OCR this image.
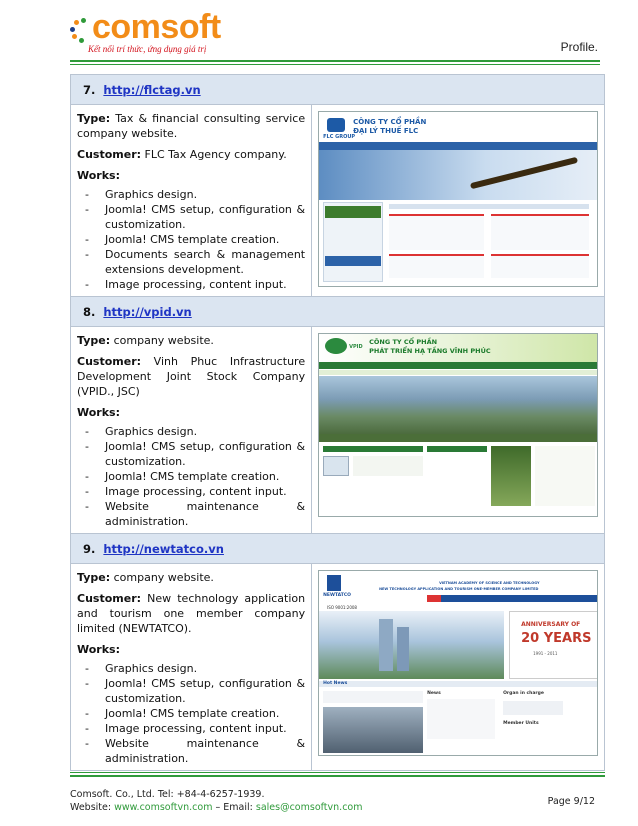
comsoft
Kết nối trí thức, ứng dụng giá trị	Profile.
7. http://flctag.vn

Type: Tax & financial consulting service company website.

Customer: FLC Tax Agency company.

Works:

- Graphics design.
- Joomla! CMS setup, configuration & customization.
- Joomla! CMS template creation.
- Documents search & management extensions development.
- Image processing, content input.
FLC GROUP
CÔNG TY CỔ PHẦN
ĐẠI LÝ THUẾ FLC
8. http://vpid.vn

Type: company website.

Customer: Vinh Phuc Infrastructure Development Joint Stock Company (VPID., JSC)

Works:

- Graphics design.
- Joomla! CMS setup, configuration & customization.
- Joomla! CMS template creation.
- Image processing, content input.
- Website maintenance & administration.
VPID
CÔNG TY CỔ PHẦN
PHÁT TRIỂN HẠ TẦNG VĨNH PHÚC
9. http://newtatco.vn

Type: company website.

Customer: New technology application and tourism one member company limited (NEWTATCO).

Works:

- Graphics design.
- Joomla! CMS setup, configuration & customization.
- Joomla! CMS template creation.
- Image processing, content input.
- Website maintenance & administration.
NEWTATCO
VIETNAM ACADEMY OF SCIENCE AND TECHNOLOGY
NEW TECHNOLOGY APPLICATION AND TOURISM ONE-MEMBER COMPANY LIMITED
ISO 9001:2008
ANNIVERSARY OF
20 YEARS
1991 - 2011
Hot News
News	Organ in charge
Member Units
Comsoft. Co., Ltd. Tel: +84-4-6257-1939.
Website: www.comsoftvn.com – Email: sales@comsoftvn.com
Page 9/12
